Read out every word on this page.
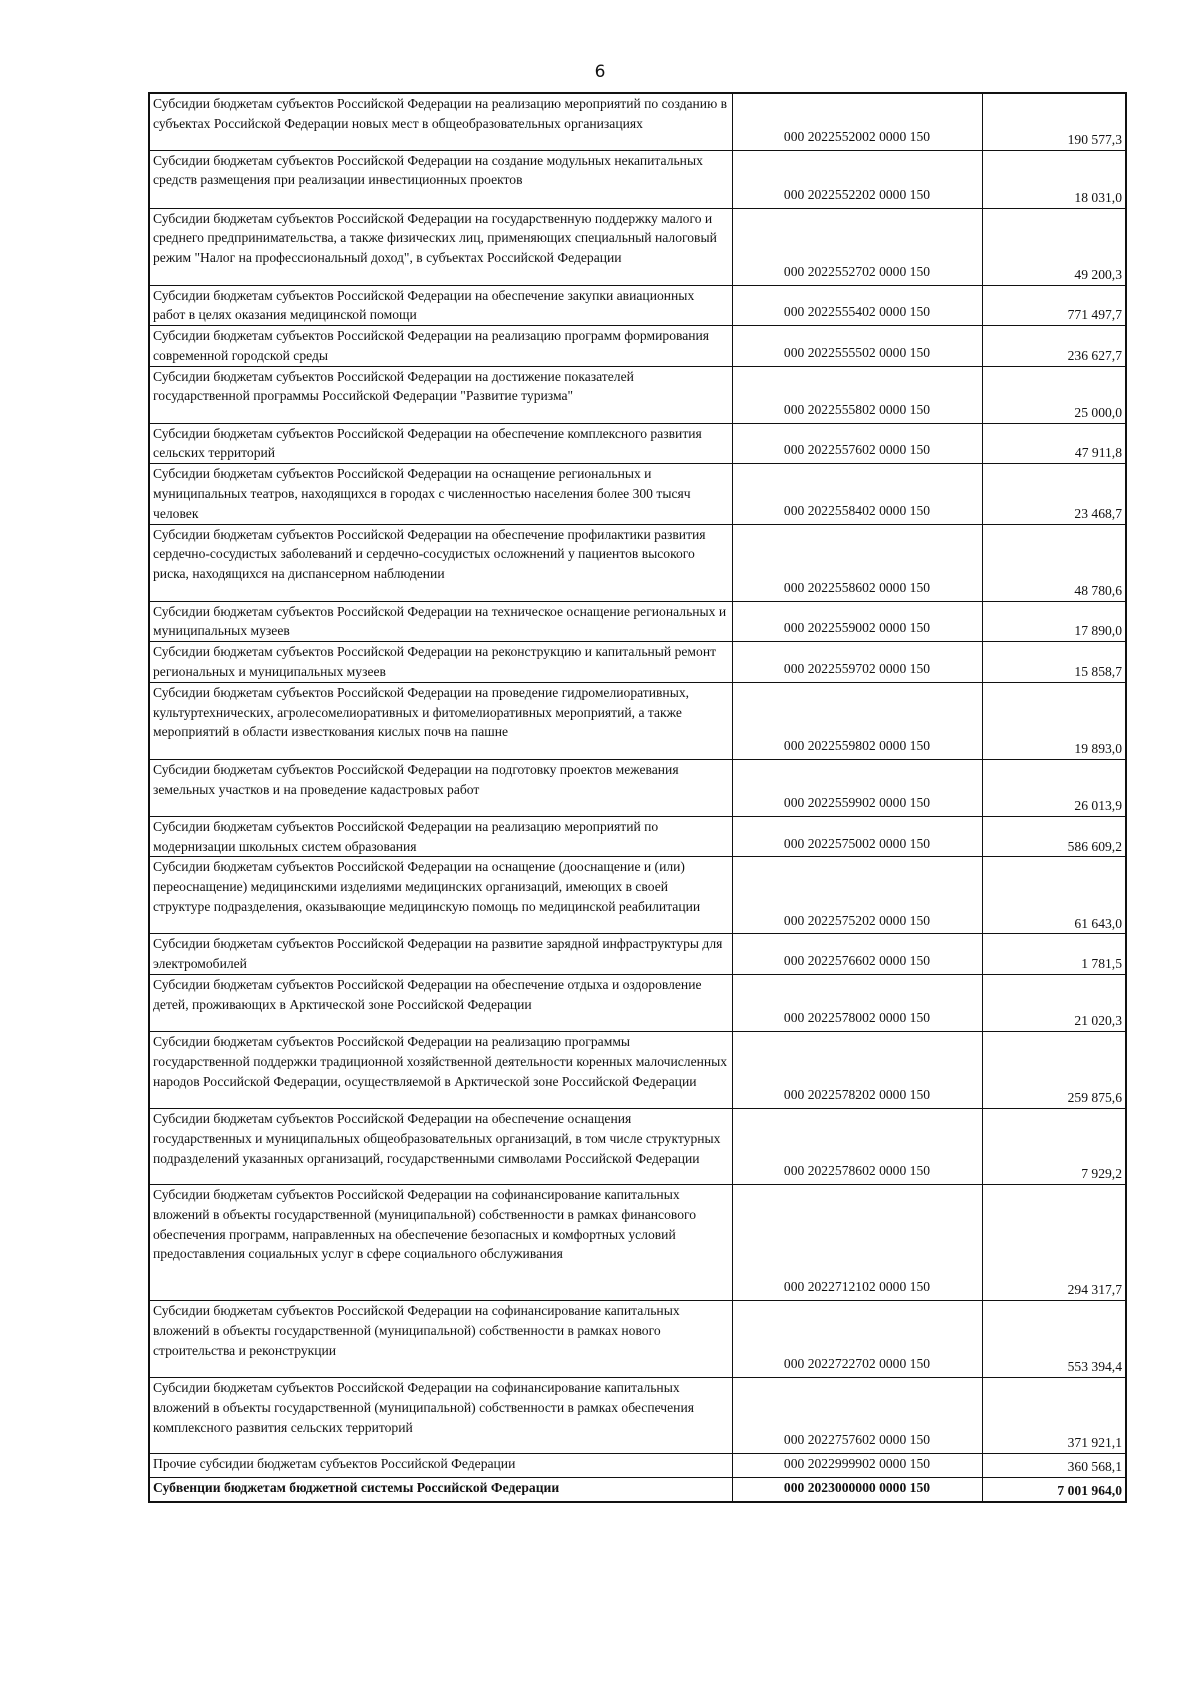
6
Субсидии бюджетам субъектов Российской Федерации на реализацию мероприятий по созданию в субъектах Российской Федерации новых мест в общеобразовательных организациях	000 2022552002 0000 150	190 577,3
Субсидии бюджетам субъектов Российской Федерации на создание модульных некапитальных средств размещения при реализации инвестиционных проектов	000 2022552202 0000 150	18 031,0
Субсидии бюджетам субъектов Российской Федерации на государственную поддержку малого и среднего предпринимательства, а также физических лиц, применяющих специальный налоговый режим "Налог на профессиональный доход", в субъектах Российской Федерации	000 2022552702 0000 150	49 200,3
Субсидии бюджетам субъектов Российской Федерации на обеспечение закупки авиационных работ в целях оказания медицинской помощи	000 2022555402 0000 150	771 497,7
Субсидии бюджетам субъектов Российской Федерации на реализацию программ формирования современной городской среды	000 2022555502 0000 150	236 627,7
Субсидии бюджетам субъектов Российской Федерации на достижение показателей государственной программы Российской Федерации "Развитие туризма"	000 2022555802 0000 150	25 000,0
Субсидии бюджетам субъектов Российской Федерации на обеспечение комплексного развития сельских территорий	000 2022557602 0000 150	47 911,8
Субсидии бюджетам субъектов Российской Федерации на оснащение региональных и муниципальных театров, находящихся в городах с численностью населения более 300 тысяч человек	000 2022558402 0000 150	23 468,7
Субсидии бюджетам субъектов Российской Федерации на обеспечение профилактики развития сердечно-сосудистых заболеваний и сердечно-сосудистых осложнений у пациентов высокого риска, находящихся на диспансерном наблюдении	000 2022558602 0000 150	48 780,6
Субсидии бюджетам субъектов Российской Федерации на техническое оснащение региональных и муниципальных музеев	000 2022559002 0000 150	17 890,0
Субсидии бюджетам субъектов Российской Федерации на реконструкцию и капитальный ремонт региональных и муниципальных музеев	000 2022559702 0000 150	15 858,7
Субсидии бюджетам субъектов Российской Федерации на проведение гидромелиоративных, культуртехнических, агролесомелиоративных и фитомелиоративных мероприятий, а также мероприятий в области известкования кислых почв на пашне	000 2022559802 0000 150	19 893,0
Субсидии бюджетам субъектов Российской Федерации на подготовку проектов межевания земельных участков и на проведение кадастровых работ	000 2022559902 0000 150	26 013,9
Субсидии бюджетам субъектов Российской Федерации на реализацию мероприятий по модернизации школьных систем образования	000 2022575002 0000 150	586 609,2
Субсидии бюджетам субъектов Российской Федерации на оснащение (дооснащение и (или) переоснащение) медицинскими изделиями медицинских организаций, имеющих в своей структуре подразделения, оказывающие медицинскую помощь по медицинской реабилитации	000 2022575202 0000 150	61 643,0
Субсидии бюджетам субъектов Российской Федерации на развитие зарядной инфраструктуры для электромобилей	000 2022576602 0000 150	1 781,5
Субсидии бюджетам субъектов Российской Федерации на обеспечение отдыха и оздоровление детей, проживающих в Арктической зоне Российской Федерации	000 2022578002 0000 150	21 020,3
Субсидии бюджетам субъектов Российской Федерации на реализацию программы государственной поддержки традиционной хозяйственной деятельности коренных малочисленных народов Российской Федерации, осуществляемой в Арктической зоне Российской Федерации	000 2022578202 0000 150	259 875,6
Субсидии бюджетам субъектов Российской Федерации на обеспечение оснащения государственных и муниципальных общеобразовательных организаций, в том числе структурных подразделений указанных организаций, государственными символами Российской Федерации	000 2022578602 0000 150	7 929,2
Субсидии бюджетам субъектов Российской Федерации на софинансирование капитальных вложений в объекты государственной (муниципальной) собственности в рамках финансового обеспечения программ, направленных на обеспечение безопасных и комфортных условий предоставления социальных услуг в сфере социального обслуживания	000 2022712102 0000 150	294 317,7
Субсидии бюджетам субъектов Российской Федерации на софинансирование капитальных вложений в объекты государственной (муниципальной) собственности в рамках нового строительства и реконструкции	000 2022722702 0000 150	553 394,4
Субсидии бюджетам субъектов Российской Федерации на софинансирование капитальных вложений в объекты государственной (муниципальной) собственности в рамках обеспечения комплексного развития сельских территорий	000 2022757602 0000 150	371 921,1
Прочие субсидии бюджетам субъектов Российской Федерации	000 2022999902 0000 150	360 568,1
Субвенции бюджетам бюджетной системы Российской Федерации	000 2023000000 0000 150	7 001 964,0
